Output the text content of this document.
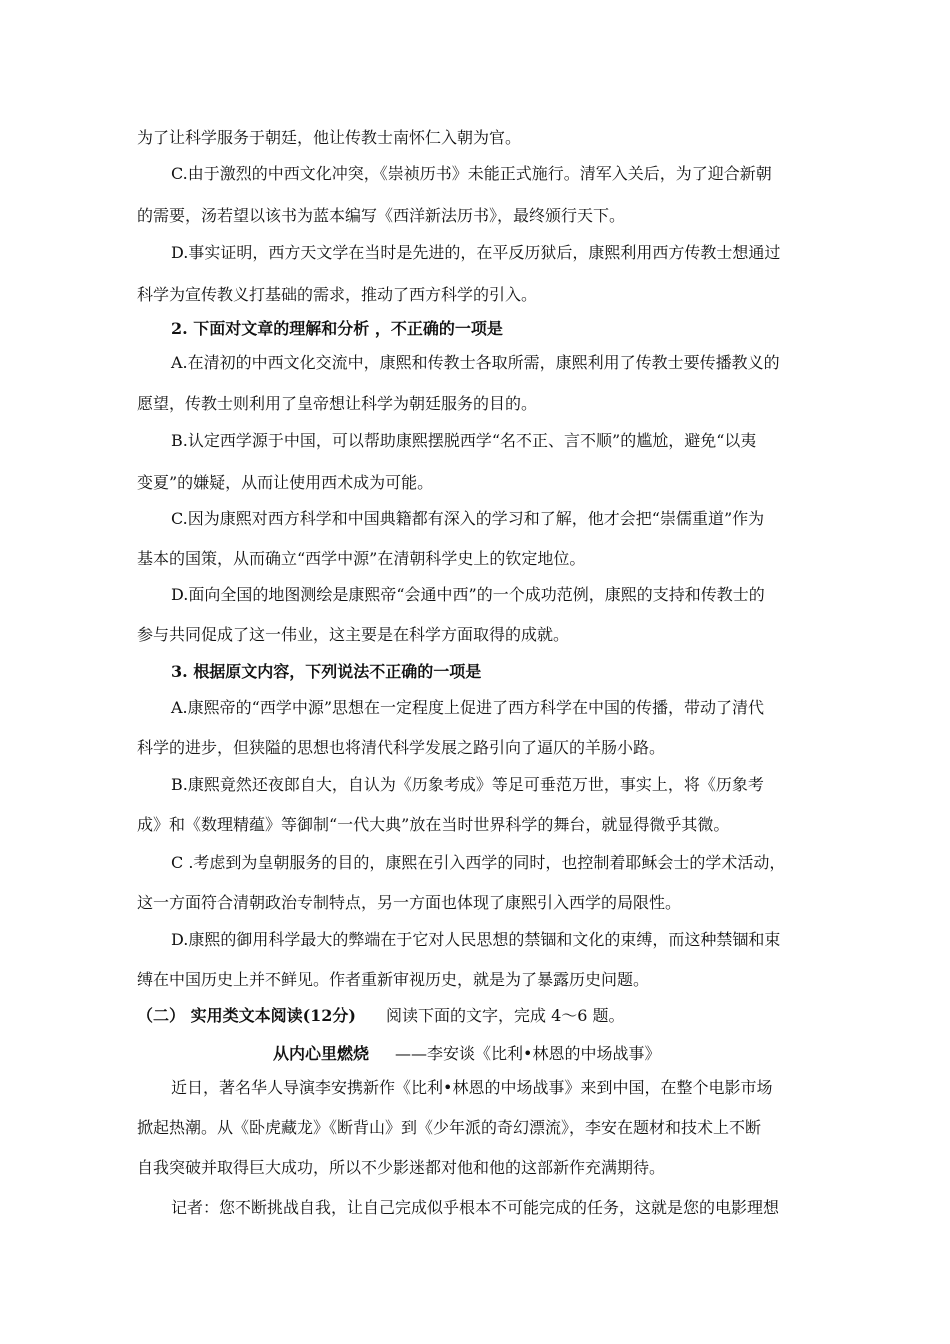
为了让科学服务于朝廷，他让传教士南怀仁入朝为官。
C.由于激烈的中西文化冲突，《崇祯历书》未能正式施行。清军入关后，为了迎合新朝
的需要，汤若望以该书为蓝本编写《西洋新法历书》，最终颁行天下。
D.事实证明，西方天文学在当时是先进的，在平反历狱后，康熙利用西方传教士想通过
科学为宣传教义打基础的需求，推动了西方科学的引入。
2. 下面对文章的理解和分析 ，不正确的一项是
A.在清初的中西文化交流中，康熙和传教士各取所需，康熙利用了传教士要传播教义的
愿望，传教士则利用了皇帝想让科学为朝廷服务的目的。
B.认定西学源于中国，可以帮助康熙摆脱西学“名不正、言不顺”的尴尬，避免“以夷
变夏”的嫌疑，从而让使用西术成为可能。
C.因为康熙对西方科学和中国典籍都有深入的学习和了解，他才会把“崇儒重道”作为
基本的国策，从而确立“西学中源”在清朝科学史上的钦定地位。
D.面向全国的地图测绘是康熙帝“会通中西”的一个成功范例，康熙的支持和传教士的
参与共同促成了这一伟业，这主要是在科学方面取得的成就。
3. 根据原文内容，下列说法不正确的一项是
A.康熙帝的“西学中源”思想在一定程度上促进了西方科学在中国的传播，带动了清代
科学的进步，但狭隘的思想也将清代科学发展之路引向了逼仄的羊肠小路。
B.康熙竟然还夜郎自大，自认为《历象考成》等足可垂范万世，事实上，将《历象考
成》和《数理精蕴》等御制“一代大典”放在当时世界科学的舞台，就显得微乎其微。
C .考虑到为皇朝服务的目的，康熙在引入西学的同时，也控制着耶稣会士的学术活动，
这一方面符合清朝政治专制特点，另一方面也体现了康熙引入西学的局限性。
D.康熙的御用科学最大的弊端在于它对人民思想的禁锢和文化的束缚，而这种禁锢和束
缚在中国历史上并不鲜见。作者重新审视历史，就是为了暴露历史问题。
（二） 实用类文本阅读(12分) 阅读下面的文字，完成 4～6 题。
从内心里燃烧 ——李安谈《比利•林恩的中场战事》
近日，著名华人导演李安携新作《比利•林恩的中场战事》来到中国，在整个电影市场
掀起热潮。从《卧虎藏龙》《断背山》到《少年派的奇幻漂流》，李安在题材和技术上不断
自我突破并取得巨大成功，所以不少影迷都对他和他的这部新作充满期待。
记者：您不断挑战自我，让自己完成似乎根本不可能完成的任务，这就是您的电影理想
